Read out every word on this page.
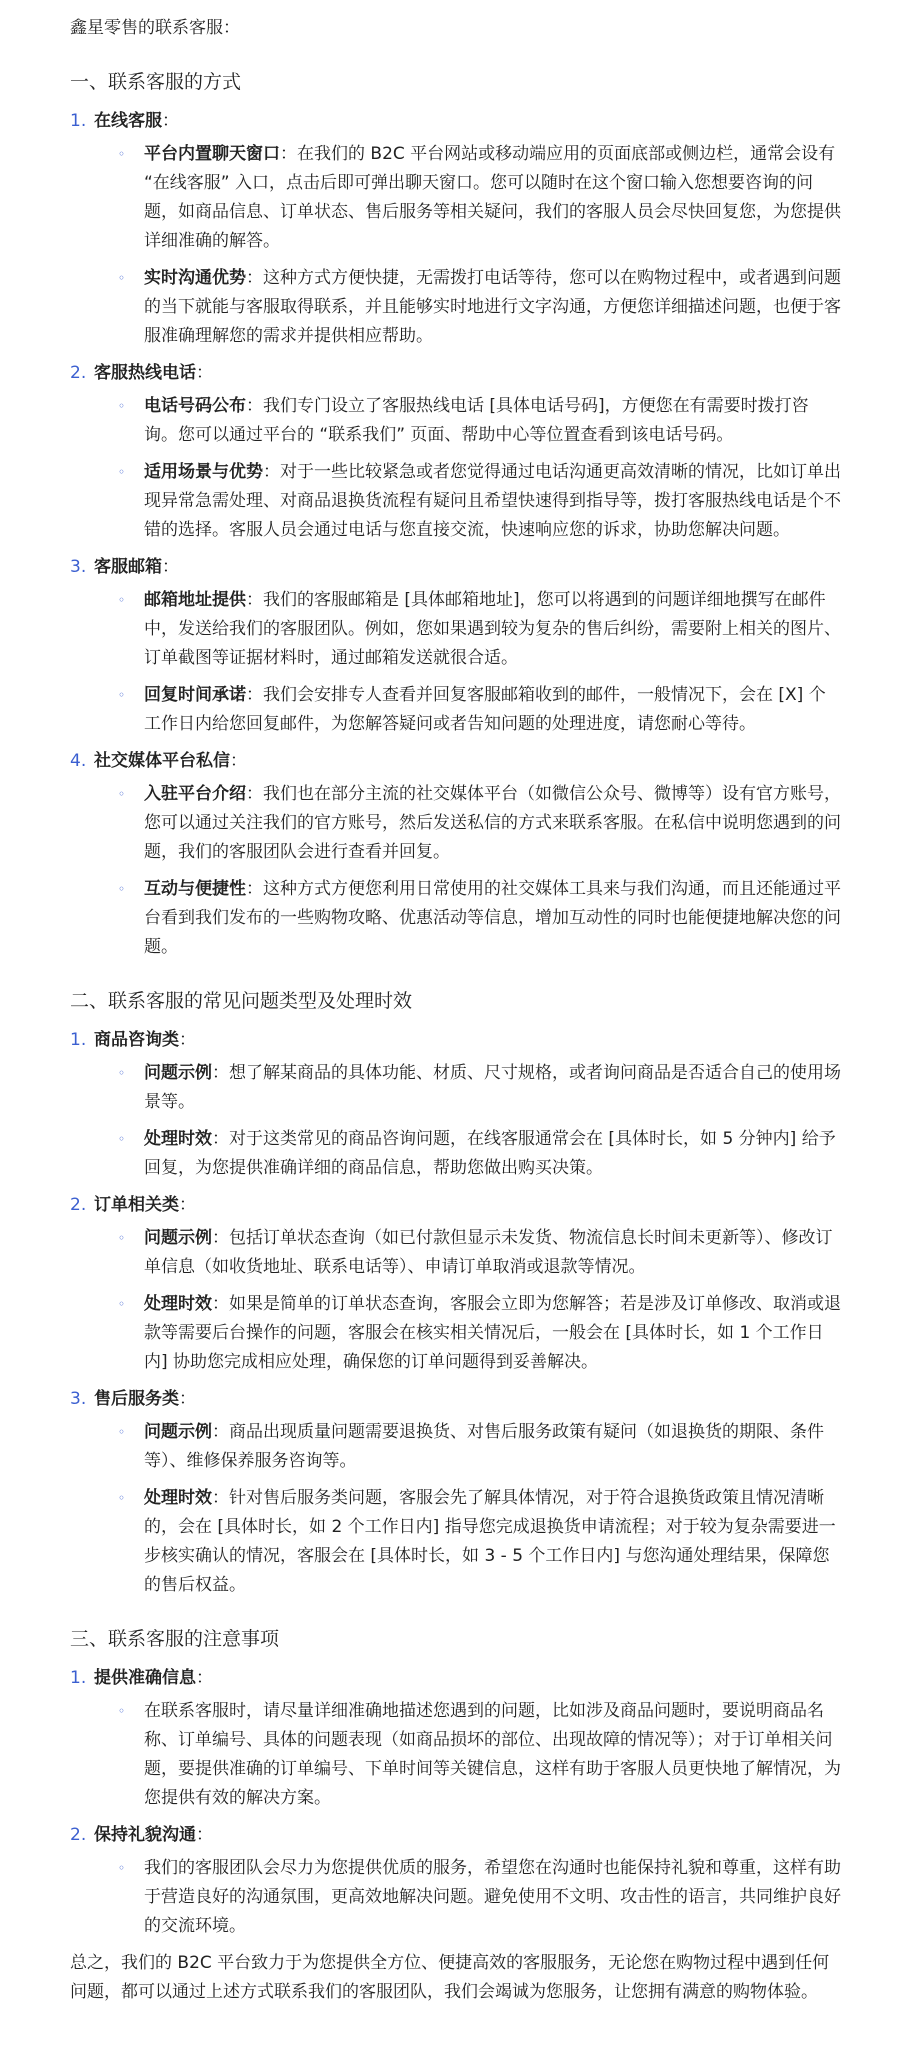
鑫星零售的联系客服：

一、联系客服的方式
1. 在线客服：
◦ 平台内置聊天窗口：在我们的 B2C 平台网站或移动端应用的页面底部或侧边栏，通常会设有 “在线客服” 入口，点击后即可弹出聊天窗口。您可以随时在这个窗口输入您想要咨询的问题，如商品信息、订单状态、售后服务等相关疑问，我们的客服人员会尽快回复您，为您提供详细准确的解答。
◦ 实时沟通优势：这种方式方便快捷，无需拨打电话等待，您可以在购物过程中，或者遇到问题的当下就能与客服取得联系，并且能够实时地进行文字沟通，方便您详细描述问题，也便于客服准确理解您的需求并提供相应帮助。
2. 客服热线电话：
◦ 电话号码公布：我们专门设立了客服热线电话 [具体电话号码]，方便您在有需要时拨打咨询。您可以通过平台的 “联系我们” 页面、帮助中心等位置查看到该电话号码。
◦ 适用场景与优势：对于一些比较紧急或者您觉得通过电话沟通更高效清晰的情况，比如订单出现异常急需处理、对商品退换货流程有疑问且希望快速得到指导等，拨打客服热线电话是个不错的选择。客服人员会通过电话与您直接交流，快速响应您的诉求，协助您解决问题。
3. 客服邮箱：
◦ 邮箱地址提供：我们的客服邮箱是 [具体邮箱地址]，您可以将遇到的问题详细地撰写在邮件中，发送给我们的客服团队。例如，您如果遇到较为复杂的售后纠纷，需要附上相关的图片、订单截图等证据材料时，通过邮箱发送就很合适。
◦ 回复时间承诺：我们会安排专人查看并回复客服邮箱收到的邮件，一般情况下，会在 [X] 个工作日内给您回复邮件，为您解答疑问或者告知问题的处理进度，请您耐心等待。
4. 社交媒体平台私信：
◦ 入驻平台介绍：我们也在部分主流的社交媒体平台（如微信公众号、微博等）设有官方账号，您可以通过关注我们的官方账号，然后发送私信的方式来联系客服。在私信中说明您遇到的问题，我们的客服团队会进行查看并回复。
◦ 互动与便捷性：这种方式方便您利用日常使用的社交媒体工具来与我们沟通，而且还能通过平台看到我们发布的一些购物攻略、优惠活动等信息，增加互动性的同时也能便捷地解决您的问题。
二、联系客服的常见问题类型及处理时效
1. 商品咨询类：
◦ 问题示例：想了解某商品的具体功能、材质、尺寸规格，或者询问商品是否适合自己的使用场景等。
◦ 处理时效：对于这类常见的商品咨询问题，在线客服通常会在 [具体时长，如 5 分钟内] 给予回复，为您提供准确详细的商品信息，帮助您做出购买决策。
2. 订单相关类：
◦ 问题示例：包括订单状态查询（如已付款但显示未发货、物流信息长时间未更新等）、修改订单信息（如收货地址、联系电话等）、申请订单取消或退款等情况。
◦ 处理时效：如果是简单的订单状态查询，客服会立即为您解答；若是涉及订单修改、取消或退款等需要后台操作的问题，客服会在核实相关情况后，一般会在 [具体时长，如 1 个工作日内] 协助您完成相应处理，确保您的订单问题得到妥善解决。
3. 售后服务类：
◦ 问题示例：商品出现质量问题需要退换货、对售后服务政策有疑问（如退换货的期限、条件等）、维修保养服务咨询等。
◦ 处理时效：针对售后服务类问题，客服会先了解具体情况，对于符合退换货政策且情况清晰的，会在 [具体时长，如 2 个工作日内] 指导您完成退换货申请流程；对于较为复杂需要进一步核实确认的情况，客服会在 [具体时长，如 3 - 5 个工作日内] 与您沟通处理结果，保障您的售后权益。
三、联系客服的注意事项
1. 提供准确信息：
◦ 在联系客服时，请尽量详细准确地描述您遇到的问题，比如涉及商品问题时，要说明商品名称、订单编号、具体的问题表现（如商品损坏的部位、出现故障的情况等）；对于订单相关问题，要提供准确的订单编号、下单时间等关键信息，这样有助于客服人员更快地了解情况，为您提供有效的解决方案。
2. 保持礼貌沟通：
◦ 我们的客服团队会尽力为您提供优质的服务，希望您在沟通时也能保持礼貌和尊重，这样有助于营造良好的沟通氛围，更高效地解决问题。避免使用不文明、攻击性的语言，共同维护良好的交流环境。

总之，我们的 B2C 平台致力于为您提供全方位、便捷高效的客服服务，无论您在购物过程中遇到任何问题，都可以通过上述方式联系我们的客服团队，我们会竭诚为您服务，让您拥有满意的购物体验。
